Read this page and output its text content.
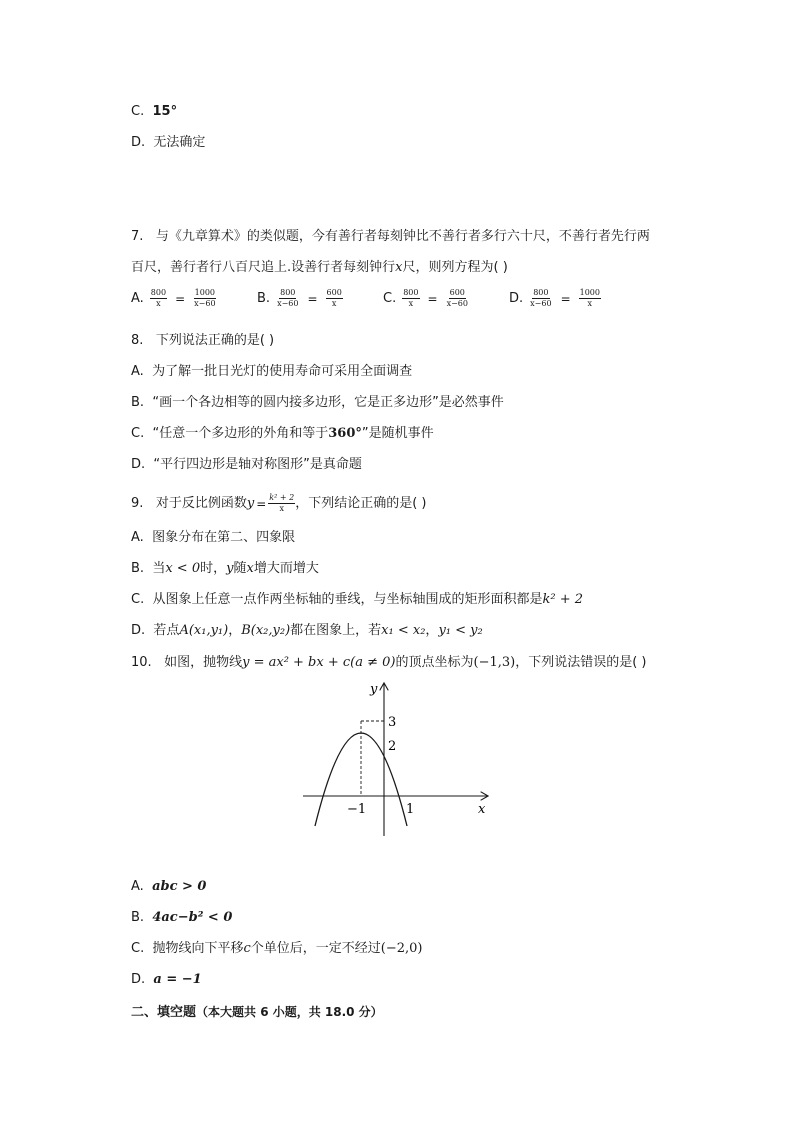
C. 15°
D. 无法确定
7. 与《九章算术》的类似题，今有善行者每刻钟比不善行者多行六十尺，不善行者先行两
百尺，善行者行八百尺追上.设善行者每刻钟行x尺，则列方程为( )
A. $\frac{800}{x} = \frac{1000}{x-60}$	B. $\frac{800}{x-60} = \frac{600}{x}$	C. $\frac{800}{x} = \frac{600}{x-60}$	D. $\frac{800}{x-60} = \frac{1000}{x}$
8. 下列说法正确的是( )
A. 为了解一批日光灯的使用寿命可采用全面调查
B. “画一个各边相等的圆内接多边形，它是正多边形”是必然事件
C. “任意一个多边形的外角和等于360°”是随机事件
D. “平行四边形是轴对称图形”是真命题
9.
对于反比例函数 $y = \frac{\text{k² + 2}}{x}$ ，下列结论正确的是( )
A. 图象分布在第二、四象限
B. 当x < 0时，y随x增大而增大
C. 从图象上任意一点作两坐标轴的垂线，与坐标轴围成的矩形面积都是k² + 2
D. 若点A(x₁,y₁)，B(x₂,y₂)都在图象上，若x₁ < x₂，y₁ < y₂
10. 如图，抛物线y = ax² + bx + c(a ≠ 0)的顶点坐标为(−1,3)，下列说法错误的是( )
y
x
3
2
−1	1
A. abc > 0
B. 4ac−b² < 0
C. 抛物线向下平移c个单位后，一定不经过(−2,0)
D. a = −1
二、填空题（本大题共 6 小题，共 18.0 分）
